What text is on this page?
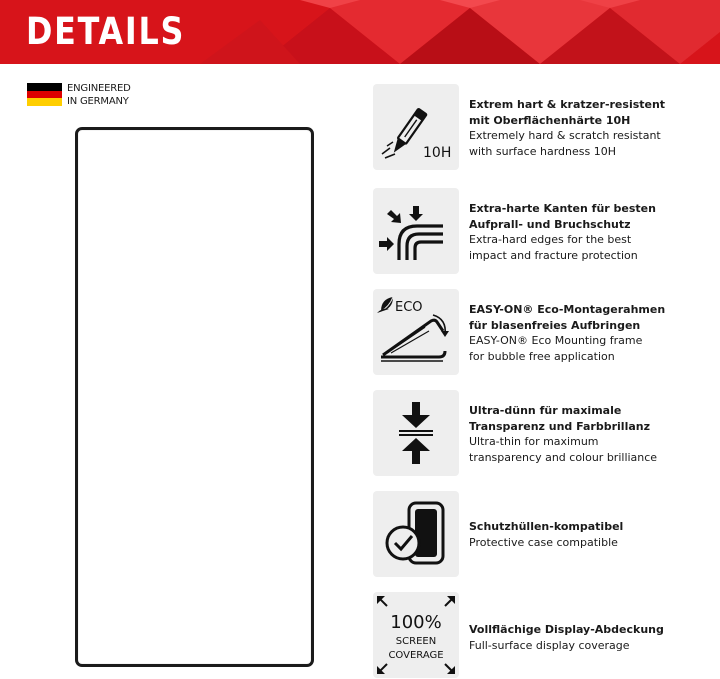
DETAILS
ENGINEERED
IN GERMANY
10H
Extrem hart & kratzer-resistent
mit Oberflächenhärte 10H
Extremely hard & scratch resistant
with surface hardness 10H
Extra-harte Kanten für besten
Aufprall- und Bruchschutz
Extra-hard edges for the best
impact and fracture protection
ECO	EASY-ON® Eco-Montagerahmen
für blasenfreies Aufbringen
EASY-ON® Eco Mounting frame
for bubble free application
Ultra-dünn für maximale
Transparenz und Farbbrillanz
Ultra-thin for maximum
transparency and colour brilliance
Schutzhüllen-kompatibel
Protective case compatible
100%
SCREEN
COVERAGE
Vollflächige Display-Abdeckung
Full-surface display coverage
